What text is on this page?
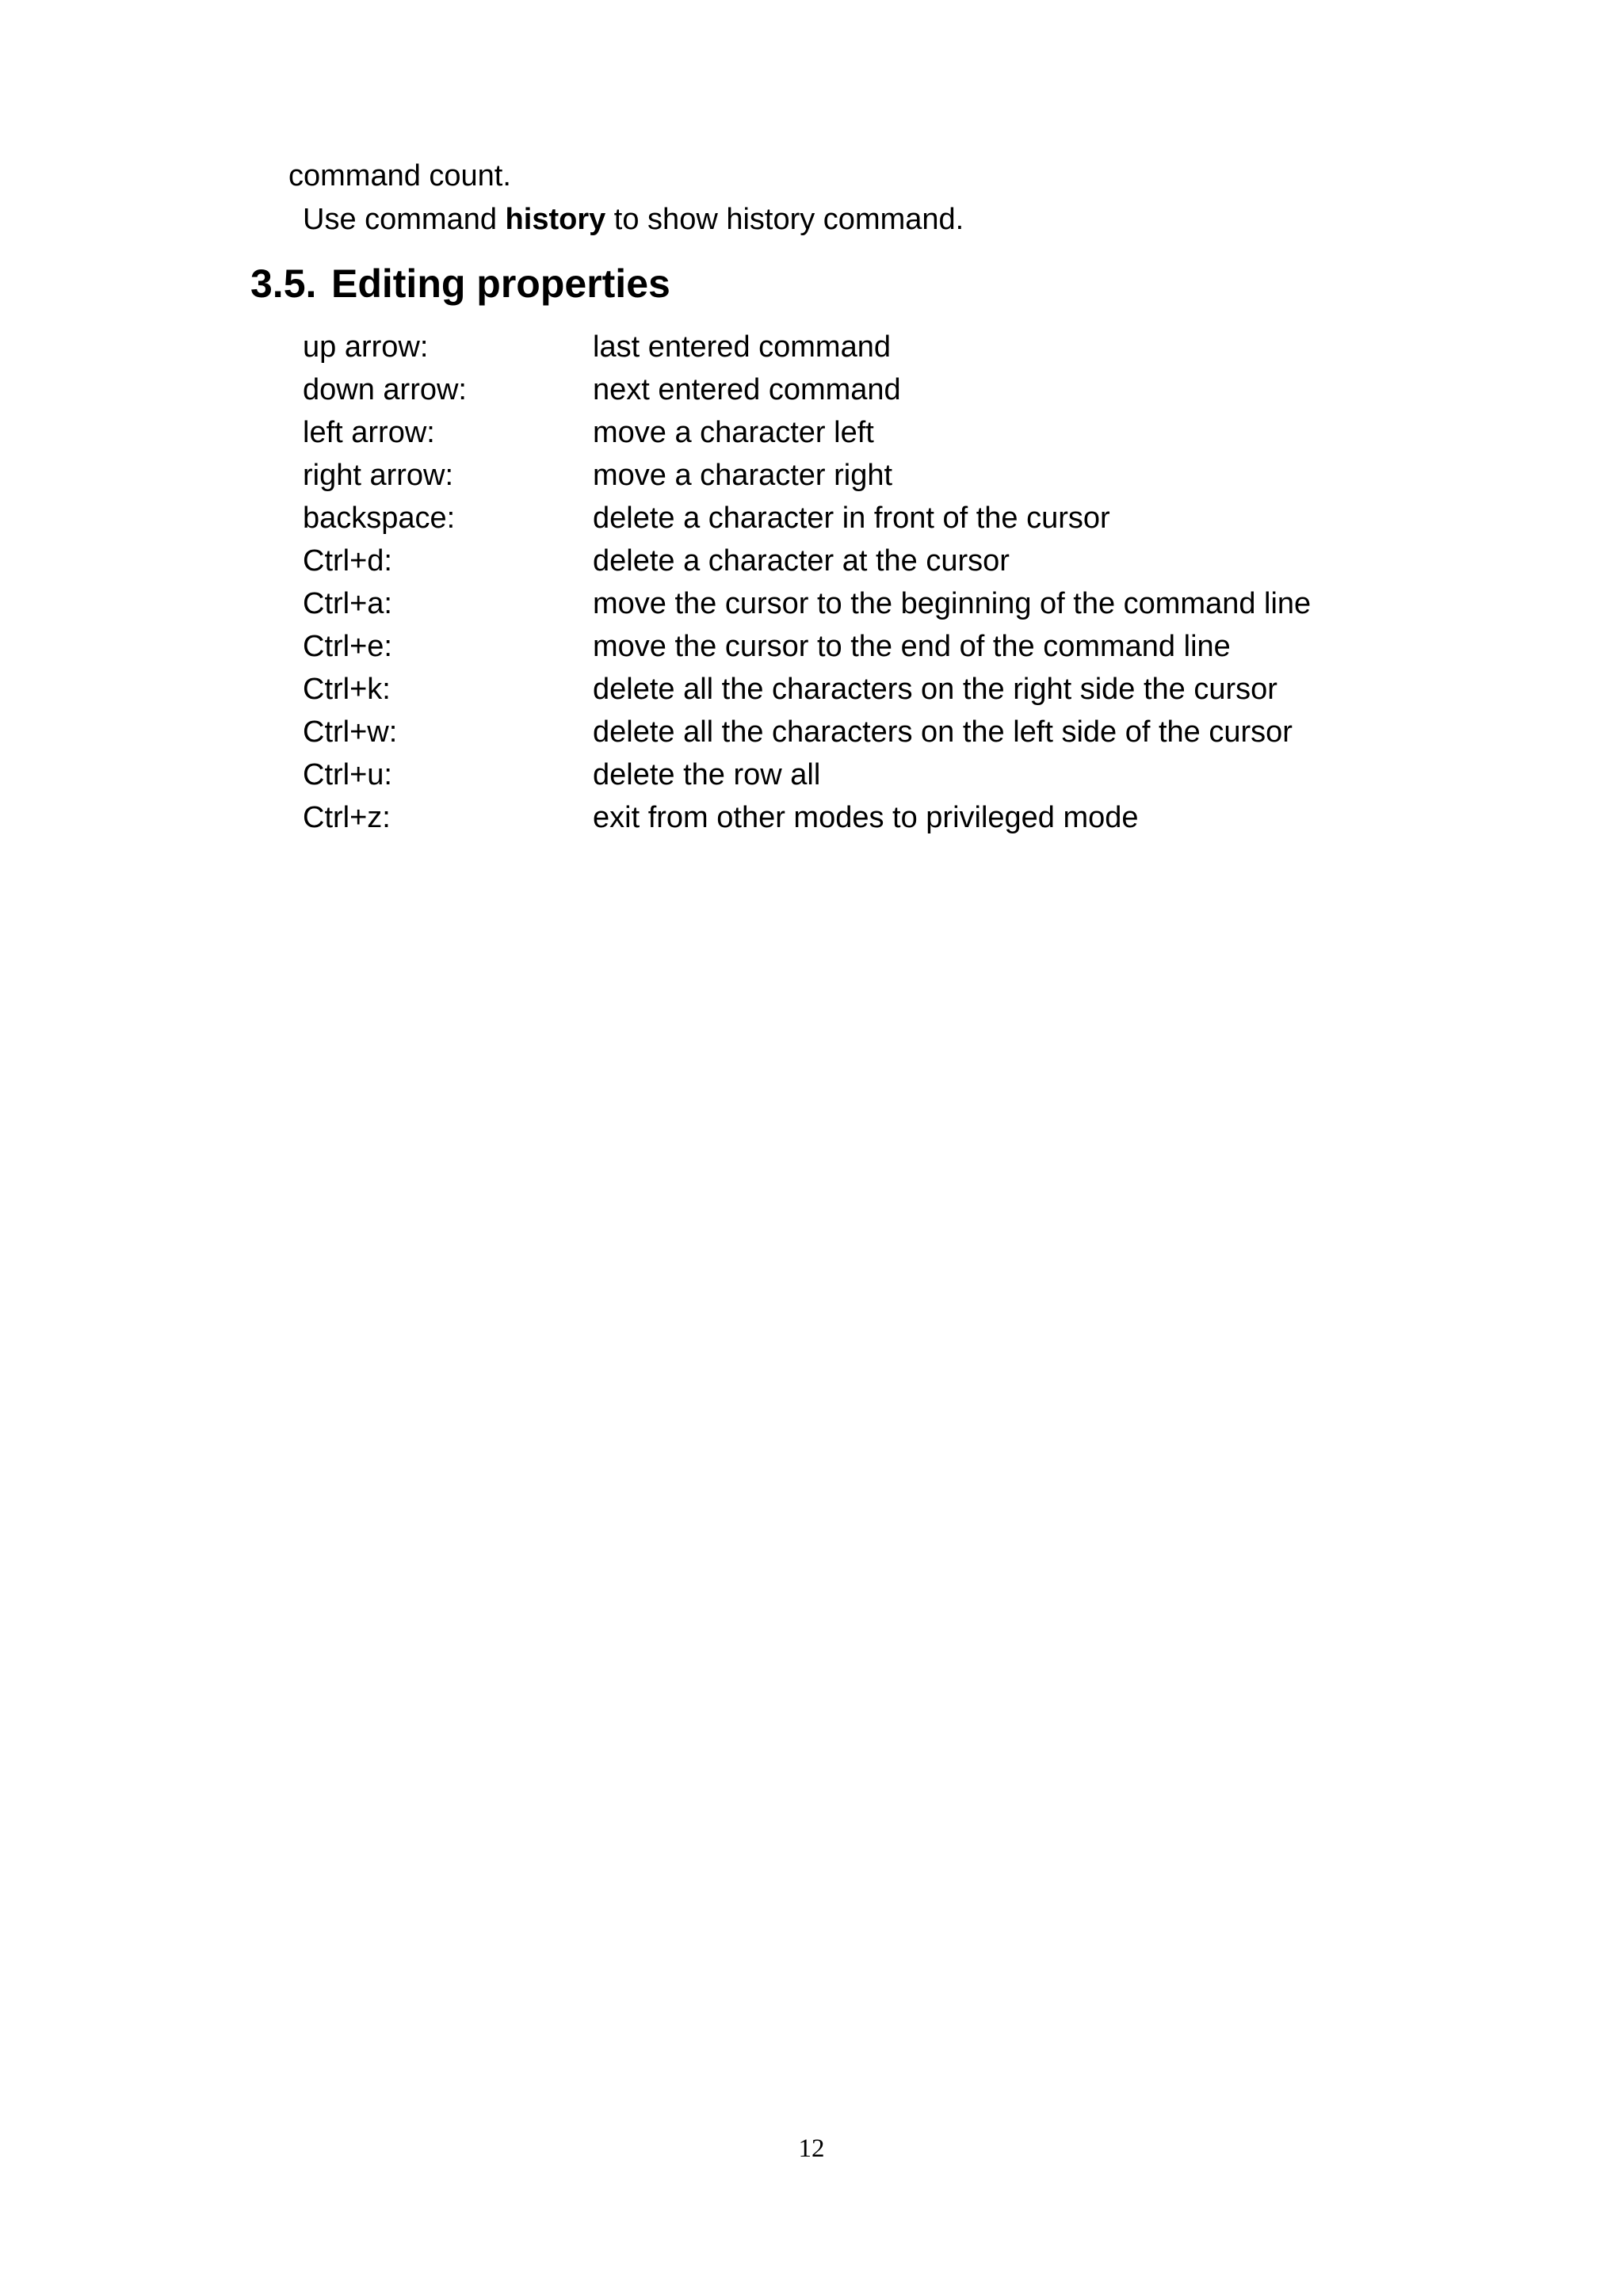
command count.
Use command history to show history command.
3.5. Editing properties
up arrow:	last entered command
down arrow:	next entered command
left arrow:	move a character left
right arrow:	move a character right
backspace:	delete a character in front of the cursor
Ctrl+d:	delete a character at the cursor
Ctrl+a:	move the cursor to the beginning of the command line
Ctrl+e:	move the cursor to the end of the command line
Ctrl+k:	delete all the characters on the right side the cursor
Ctrl+w:	delete all the characters on the left side of the cursor
Ctrl+u:	delete the row all
Ctrl+z:	exit from other modes to privileged mode
12
